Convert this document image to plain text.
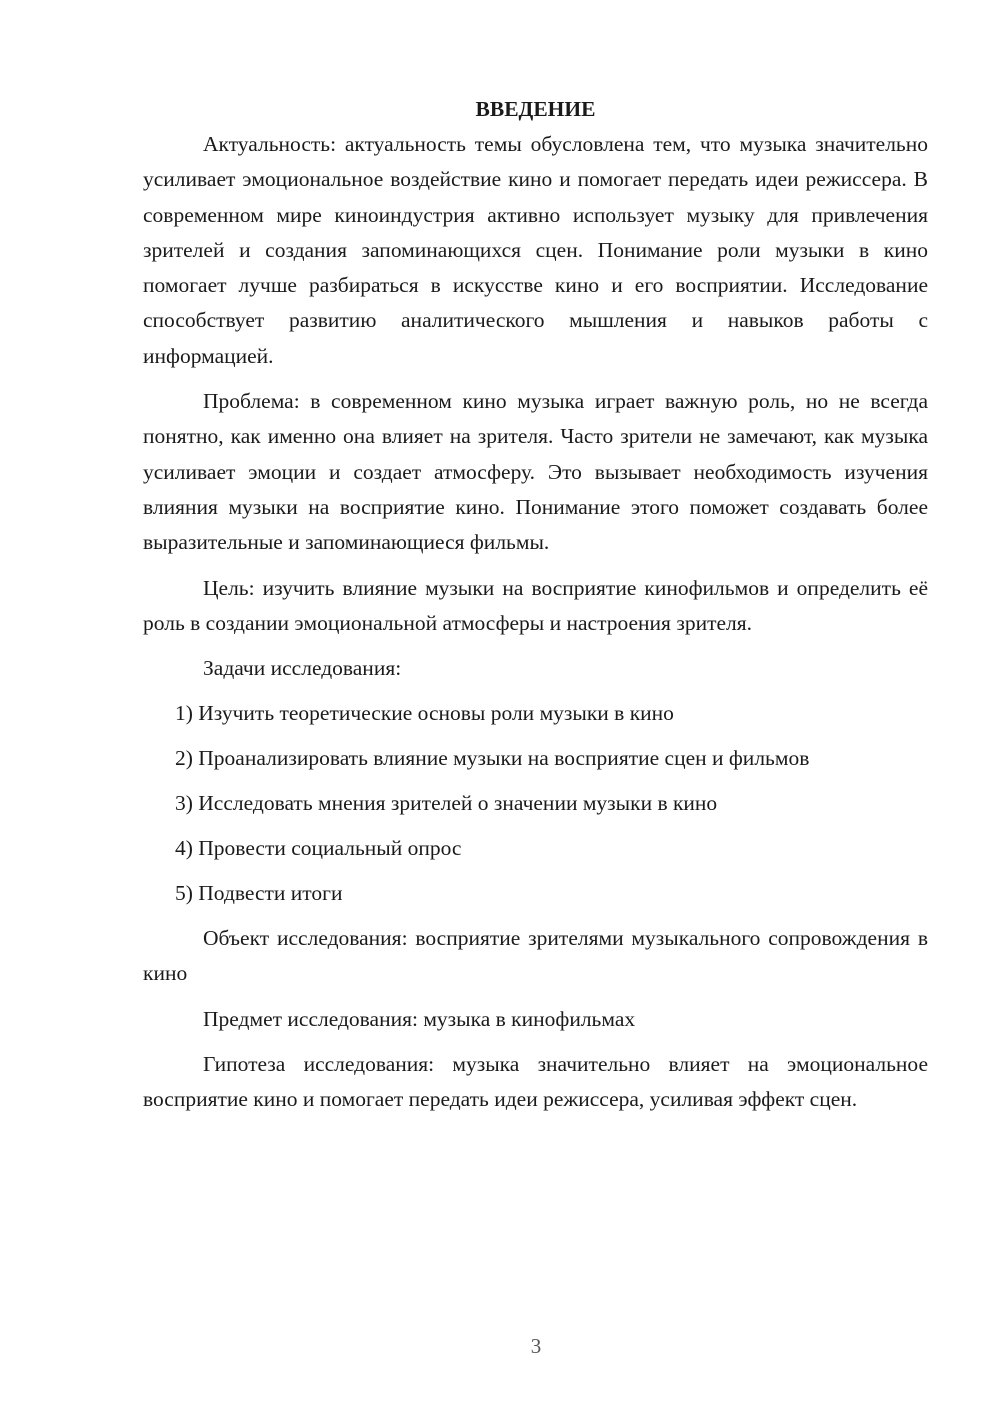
ВВЕДЕНИЕ

Актуальность: актуальность темы обусловлена тем, что музыка значительно усиливает эмоциональное воздействие кино и помогает передать идеи режиссера. В современном мире киноиндустрия активно использует музыку для привлечения зрителей и создания запоминающихся сцен. Понимание роли музыки в кино помогает лучше разбираться в искусстве кино и его восприятии. Исследование способствует развитию аналитического мышления и навыков работы с информацией.

Проблема: в современном кино музыка играет важную роль, но не всегда понятно, как именно она влияет на зрителя. Часто зрители не замечают, как музыка усиливает эмоции и создает атмосферу. Это вызывает необходимость изучения влияния музыки на восприятие кино. Понимание этого поможет создавать более выразительные и запоминающиеся фильмы.

Цель: изучить влияние музыки на восприятие кинофильмов и определить её роль в создании эмоциональной атмосферы и настроения зрителя.

Задачи исследования:

1) Изучить теоретические основы роли музыки в кино
2) Проанализировать влияние музыки на восприятие сцен и фильмов
3) Исследовать мнения зрителей о значении музыки в кино
4) Провести социальный опрос
5) Подвести итоги

Объект исследования: восприятие зрителями музыкального сопровождения в кино

Предмет исследования: музыка в кинофильмах

Гипотеза исследования: музыка значительно влияет на эмоциональное восприятие кино и помогает передать идеи режиссера, усиливая эффект сцен.

3
